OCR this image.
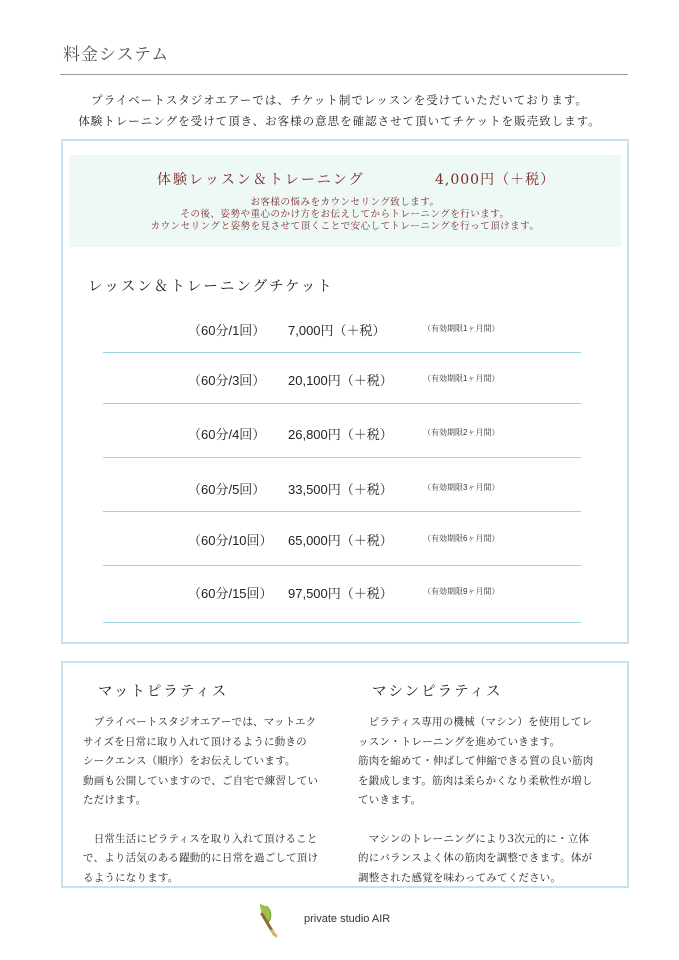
料金システム
プライベートスタジオエアーでは、チケット制でレッスンを受けていただいております。
体験トレーニングを受けて頂き、お客様の意思を確認させて頂いてチケットを販売致します。
体験レッスン＆トレーニング	4,000円（＋税）
お客様の悩みをカウンセリング致します。
その後、姿勢や重心のかけ方をお伝えしてからトレーニングを行います。
カウンセリングと姿勢を見させて頂くことで安心してトレーニングを行って頂けます。
レッスン＆トレーニングチケット
（60分/1回） 7,000円（＋税）	（有効期限1ヶ月間）
（60分/3回） 20,100円（＋税）	（有効期限1ヶ月間）
（60分/4回） 26,800円（＋税）	（有効期限2ヶ月間）
（60分/5回） 33,500円（＋税）	（有効期限3ヶ月間）
（60分/10回） 65,000円（＋税）	（有効期限6ヶ月間）
（60分/15回） 97,500円（＋税）	（有効期限9ヶ月間）
マットピラティス

　プライベートスタジオエアーでは、マットエク
サイズを日常に取り入れて頂けるように動きの
シークエンス（順序）をお伝えしています。
動画も公開していますので、ご自宅で練習してい
ただけます。

　日常生活にピラティスを取り入れて頂けること
で、より活気のある躍動的に日常を過ごして頂け
るようになります。

マシンピラティス

　ピラティス専用の機械（マシン）を使用してレ
ッスン・トレーニングを進めていきます。
筋肉を縮めて・伸ばして伸縮できる質の良い筋肉
を鍛成します。筋肉は柔らかくなり柔軟性が増し
ていきます。

　マシンのトレーニングにより3次元的に・立体
的にバランスよく体の筋肉を調整できます。体が
調整された感覚を味わってみてください。

private studio AIR
